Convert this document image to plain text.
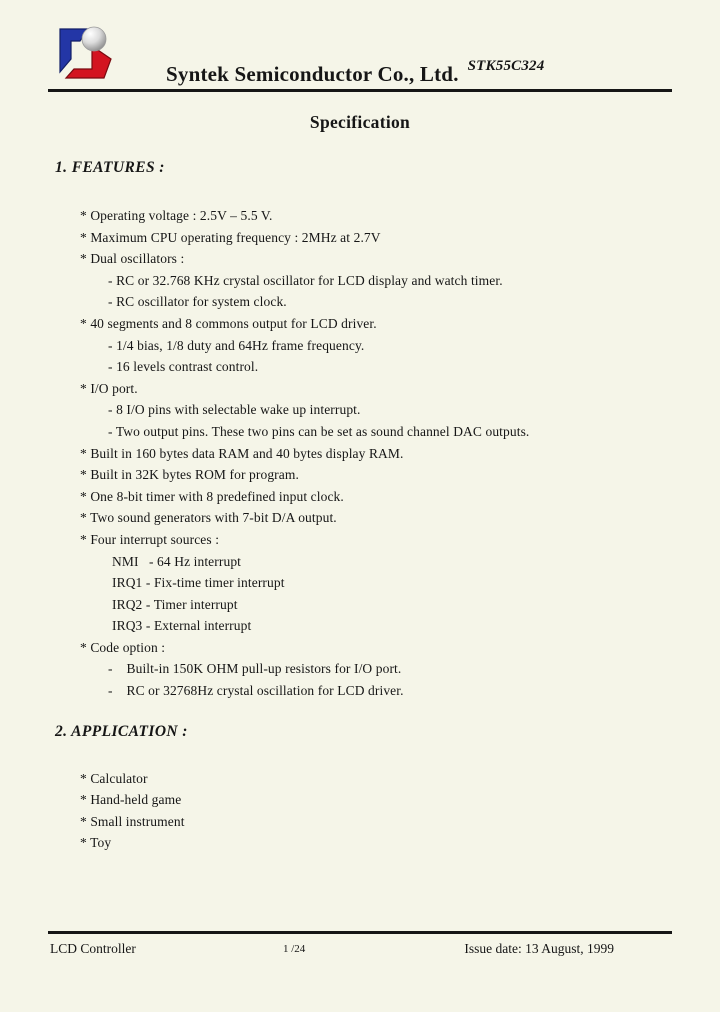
Syntek Semiconductor Co., Ltd. STK55C324
Specification
1. FEATURES :
* Operating voltage : 2.5V – 5.5 V.
* Maximum CPU operating frequency : 2MHz at 2.7V
* Dual oscillators :
- RC or 32.768 KHz crystal oscillator for LCD display and watch timer.
- RC oscillator for system clock.
* 40 segments and 8 commons output for LCD driver.
- 1/4 bias, 1/8 duty and 64Hz frame frequency.
- 16 levels contrast control.
* I/O port.
- 8 I/O pins with selectable wake up interrupt.
- Two output pins. These two pins can be set as sound channel DAC outputs.
* Built in 160 bytes data RAM and 40 bytes display RAM.
* Built in 32K bytes ROM for program.
* One 8-bit timer with 8 predefined input clock.
* Two sound generators with 7-bit D/A output.
* Four interrupt sources :
NMI   - 64 Hz interrupt
IRQ1 - Fix-time timer interrupt
IRQ2 - Timer interrupt
IRQ3 - External interrupt
* Code option :
-    Built-in 150K OHM pull-up resistors for I/O port.
-    RC or 32768Hz crystal oscillation for LCD driver.
2. APPLICATION :
* Calculator
* Hand-held game
* Small instrument
* Toy
LCD Controller	1 /24	Issue date: 13 August, 1999
